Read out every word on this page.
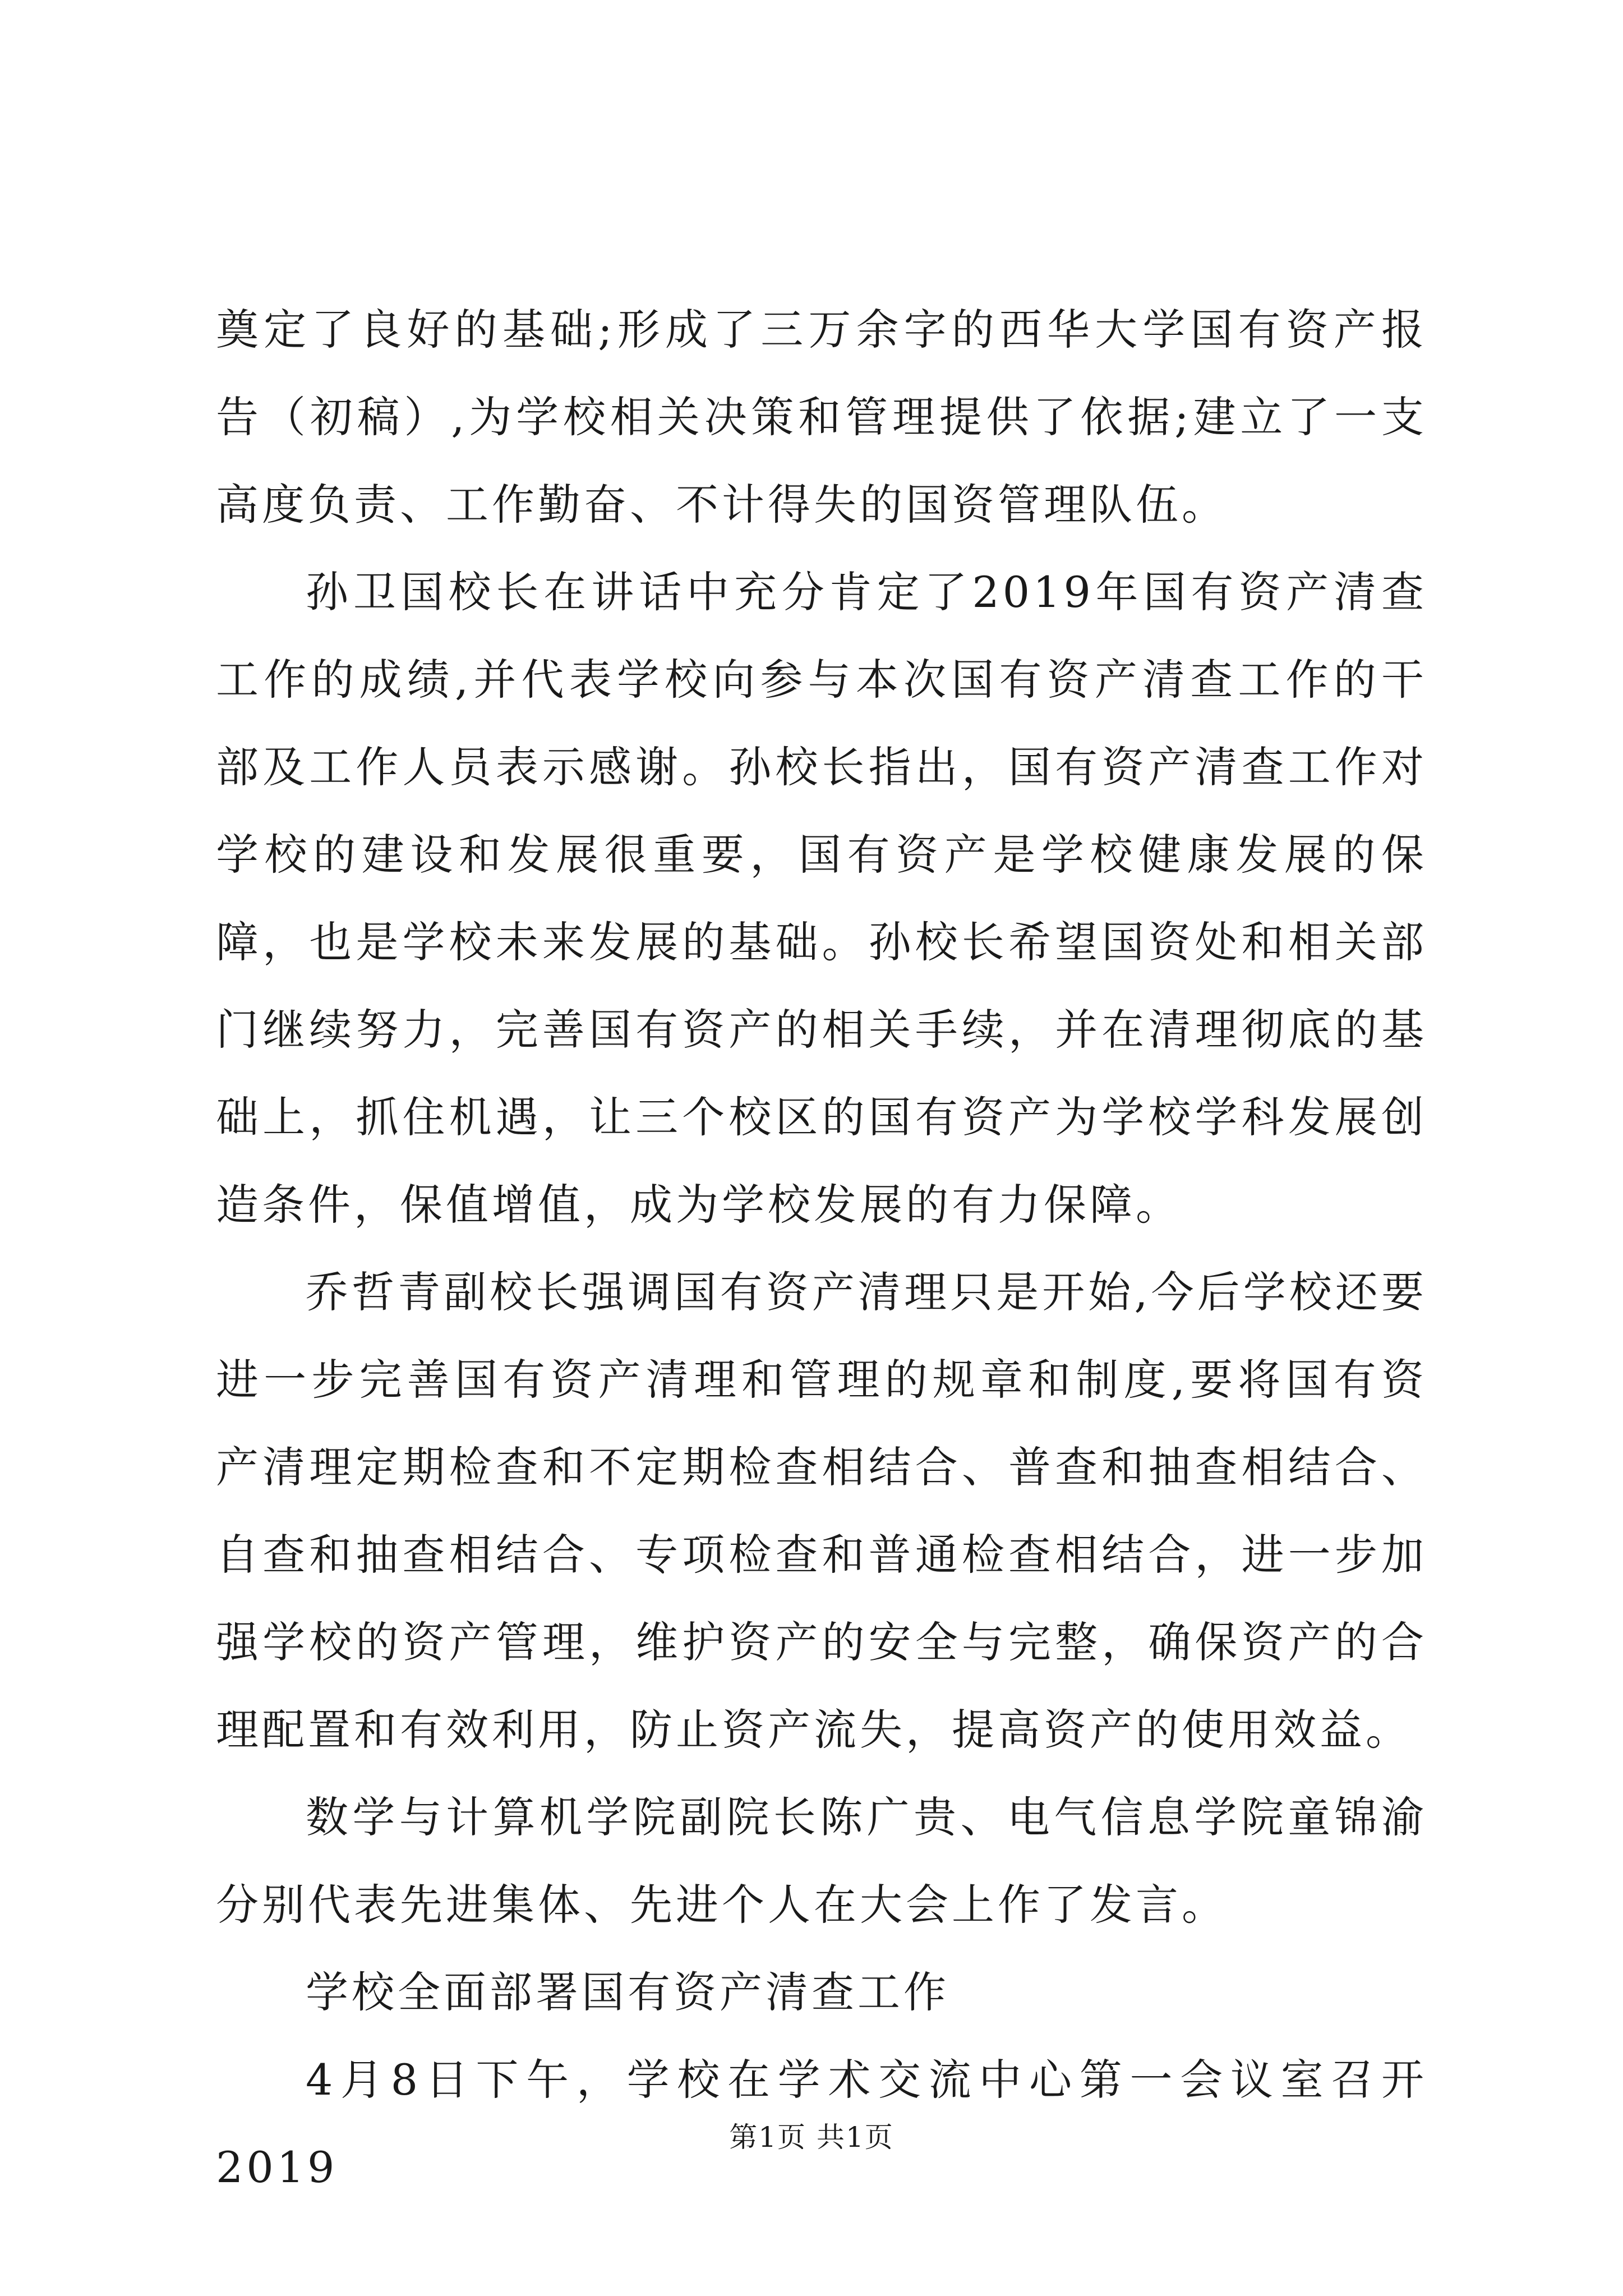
奠定了良好的基础;形成了三万余字的西华大学国有资产报告（初稿）,为学校相关决策和管理提供了依据;建立了一支高度负责、工作勤奋、不计得失的国资管理队伍。

孙卫国校长在讲话中充分肯定了2019年国有资产清查工作的成绩,并代表学校向参与本次国有资产清查工作的干部及工作人员表示感谢。孙校长指出，国有资产清查工作对学校的建设和发展很重要，国有资产是学校健康发展的保障，也是学校未来发展的基础。孙校长希望国资处和相关部门继续努力，完善国有资产的相关手续，并在清理彻底的基础上，抓住机遇，让三个校区的国有资产为学校学科发展创造条件，保值增值，成为学校发展的有力保障。

乔哲青副校长强调国有资产清理只是开始,今后学校还要进一步完善国有资产清理和管理的规章和制度,要将国有资产清理定期检查和不定期检查相结合、普查和抽查相结合、自查和抽查相结合、专项检查和普通检查相结合，进一步加强学校的资产管理，维护资产的安全与完整，确保资产的合理配置和有效利用，防止资产流失，提高资产的使用效益。

数学与计算机学院副院长陈广贵、电气信息学院童锦渝分别代表先进集体、先进个人在大会上作了发言。

学校全面部署国有资产清查工作

4月8日下午，学校在学术交流中心第一会议室召开2019

第1页 共1页
